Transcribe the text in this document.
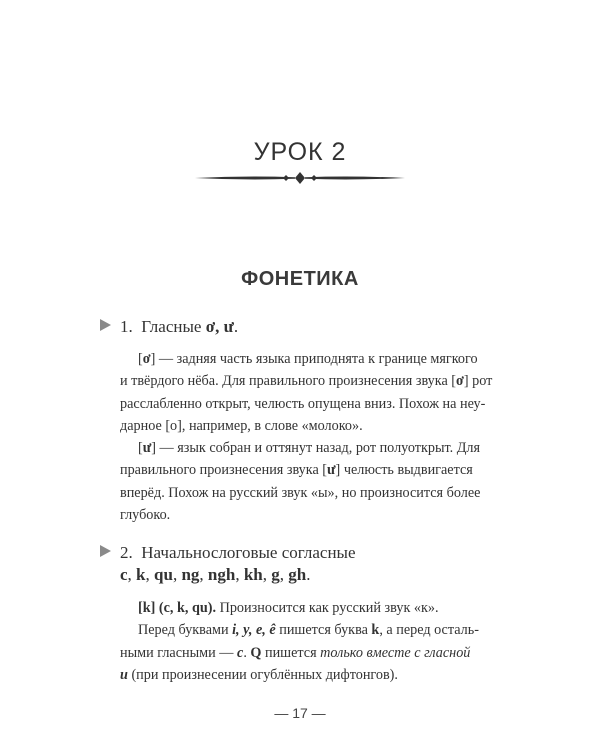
УРОК 2
ФОНЕТИКА
1. Гласные ơ, ư.
[ơ] — задняя часть языка приподнята к границе мягкого
и твёрдого нёба. Для правильного произнесения звука [ơ] рот
расслабленно открыт, челюсть опущена вниз. Похож на неу-
дарное [о], например, в слове «молоко».
[ư] — язык собран и оттянут назад, рот полуоткрыт. Для
правильного произнесения звука [ư] челюсть выдвигается
вперёд. Похож на русский звук «ы», но произносится более
глубоко.
2. Начальнослоговые согласные
c, k, qu, ng, ngh, kh, g, gh.
[k] (c, k, qu). Произносится как русский звук «к».
Перед буквами i, y, e, ê пишется буква k, а перед осталь-
ными гласными — c. Q пишется только вместе с гласной
u (при произнесении огублённых дифтонгов).
— 17 —
